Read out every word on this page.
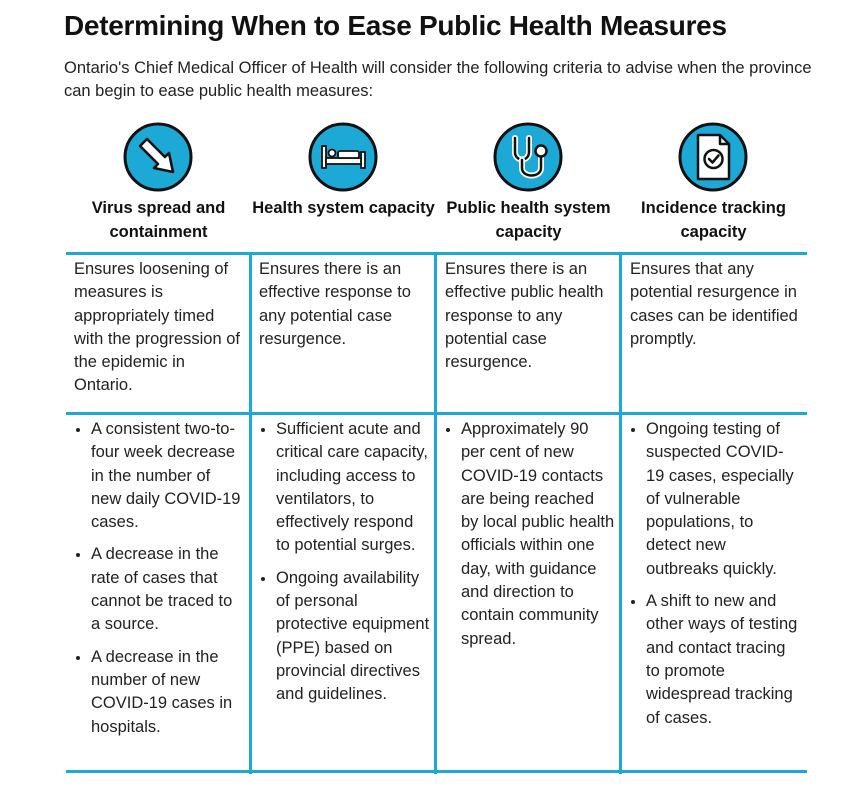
Determining When to Ease Public Health Measures

Ontario's Chief Medical Officer of Health will consider the following criteria to advise when the province can begin to ease public health measures:

Virus spread and containment
Health system capacity Public health system capacity
Incidence tracking capacity
Ensures loosening of measures is appropriately timed with the progression of the epidemic in Ontario.
Ensures there is an effective response to any potential case resurgence.
Ensures there is an effective public health response to any potential case resurgence.
Ensures that any potential resurgence in cases can be identified promptly.
A consistent two-to-four week decrease in the number of new daily COVID-19 cases.
A decrease in the rate of cases that cannot be traced to a source.
A decrease in the number of new COVID-19 cases in hospitals.
Sufficient acute and critical care capacity, including access to ventilators, to effectively respond to potential surges.
Ongoing availability of personal protective equipment (PPE) based on provincial directives and guidelines.
Approximately 90 per cent of new COVID-19 contacts are being reached by local public health officials within one day, with guidance and direction to contain community spread.
Ongoing testing of suspected COVID-19 cases, especially of vulnerable populations, to detect new outbreaks quickly.
A shift to new and other ways of testing and contact tracing to promote widespread tracking of cases.
